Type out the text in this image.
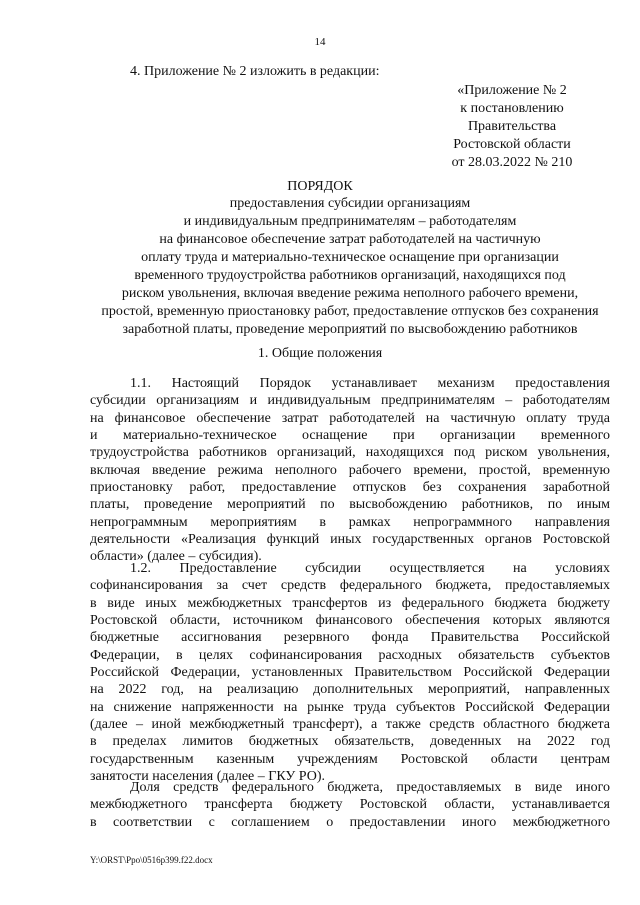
14
4. Приложение № 2 изложить в редакции:
«Приложение № 2
к постановлению
Правительства
Ростовской области
от 28.03.2022 № 210
ПОРЯДОК
предоставления субсидии организациям
и индивидуальным предпринимателям – работодателям
на финансовое обеспечение затрат работодателей на частичную
оплату труда и материально-техническое оснащение при организации
временного трудоустройства работников организаций, находящихся под
риском увольнения, включая введение режима неполного рабочего времени,
простой, временную приостановку работ, предоставление отпусков без сохранения
заработной платы, проведение мероприятий по высвобождению работников
1. Общие положения
1.1. Настоящий Порядок устанавливает механизм предоставления
субсидии организациям и индивидуальным предпринимателям – работодателям
на финансовое обеспечение затрат работодателей на частичную оплату труда
и материально-техническое оснащение при организации временного
трудоустройства работников организаций, находящихся под риском увольнения,
включая введение режима неполного рабочего времени, простой, временную
приостановку работ, предоставление отпусков без сохранения заработной
платы, проведение мероприятий по высвобождению работников, по иным
непрограммным мероприятиям в рамках непрограммного направления
деятельности «Реализация функций иных государственных органов Ростовской
области» (далее – субсидия).
1.2. Предоставление субсидии осуществляется на условиях
софинансирования за счет средств федерального бюджета, предоставляемых
в виде иных межбюджетных трансфертов из федерального бюджета бюджету
Ростовской области, источником финансового обеспечения которых являются
бюджетные ассигнования резервного фонда Правительства Российской
Федерации, в целях софинансирования расходных обязательств субъектов
Российской Федерации, установленных Правительством Российской Федерации
на 2022 год, на реализацию дополнительных мероприятий, направленных
на снижение напряженности на рынке труда субъектов Российской Федерации
(далее – иной межбюджетный трансферт), а также средств областного бюджета
в пределах лимитов бюджетных обязательств, доведенных на 2022 год
государственным казенным учреждениям Ростовской области центрам
занятости населения (далее – ГКУ РО).
Доля средств федерального бюджета, предоставляемых в виде иного
межбюджетного трансферта бюджету Ростовской области, устанавливается
в соответствии с соглашением о предоставлении иного межбюджетного
Y:\ORST\Ppo\0516p399.f22.docx
